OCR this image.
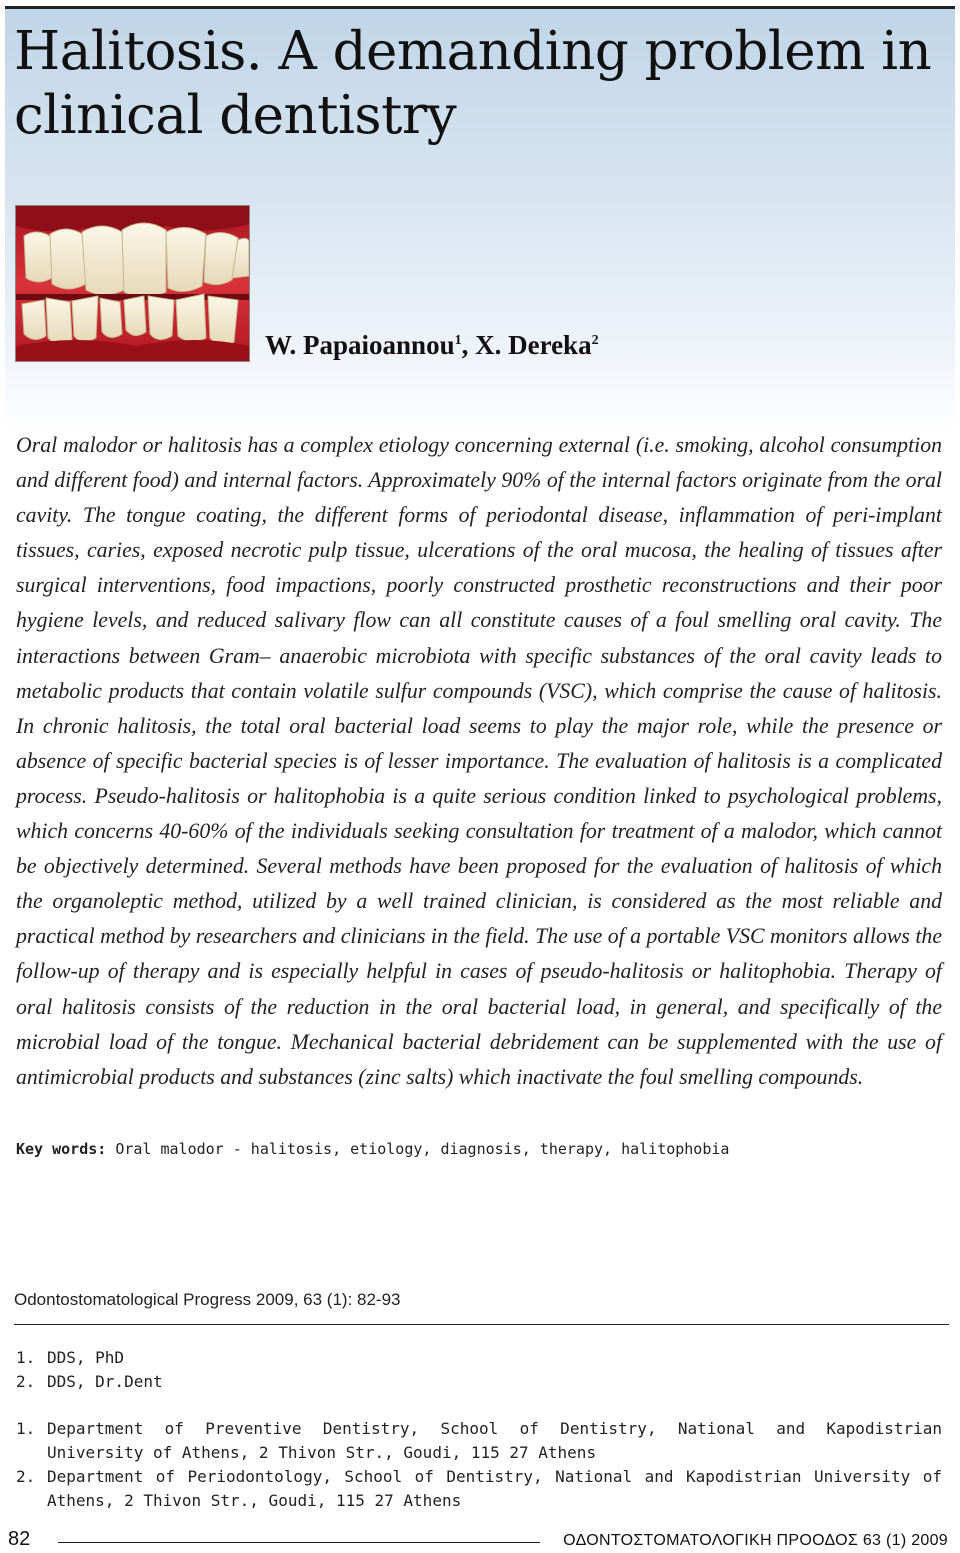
Halitosis. A demanding problem in clinical dentistry
W. Papaioannou$^1$, X. Dereka$^2$

Oral malodor or halitosis has a complex etiology concerning external (i.e. smoking, alcohol consumption and different food) and internal factors. Approximately 90% of the internal factors originate from the oral cavity. The tongue coating, the different forms of periodontal disease, inflammation of peri-implant tissues, caries, exposed necrotic pulp tissue, ulcerations of the oral mucosa, the healing of tissues after surgical interventions, food impactions, poorly constructed prosthetic reconstructions and their poor hygiene levels, and reduced salivary flow can all constitute causes of a foul smelling oral cavity. The interactions between Gram– anaerobic microbiota with specific substances of the oral cavity leads to metabolic products that contain volatile sulfur compounds (VSC), which comprise the cause of halitosis. In chronic halitosis, the total oral bacterial load seems to play the major role, while the presence or absence of specific bacterial species is of lesser importance. The evaluation of halitosis is a complicated process. Pseudo-halitosis or halitophobia is a quite serious condition linked to psychological problems, which concerns 40-60% of the individuals seeking consultation for treatment of a malodor, which cannot be objectively determined. Several methods have been proposed for the evaluation of halitosis of which the organoleptic method, utilized by a well trained clinician, is considered as the most reliable and practical method by researchers and clinicians in the field. The use of a portable VSC monitors allows the follow-up of therapy and is especially helpful in cases of pseudo-halitosis or halitophobia. Therapy of oral halitosis consists of the reduction in the oral bacterial load, in general, and specifically of the microbial load of the tongue. Mechanical bacterial debridement can be supplemented with the use of antimicrobial products and substances (zinc salts) which inactivate the foul smelling compounds.

Key words: Oral malodor - halitosis, etiology, diagnosis, therapy, halitophobia
Odontostomatological Progress 2009, 63 (1): 82-93
1. DDS, PhD
2. DDS, Dr.Dent
1. Department of Preventive Dentistry, School of Dentistry, National and Kapodistrian University of Athens, 2 Thivon Str., Goudi, 115 27 Athens
2. Department of Periodontology, School of Dentistry, National and Kapodistrian University of Athens, 2 Thivon Str., Goudi, 115 27 Athens
82	ΟΔΟΝΤΟΣΤΟΜΑΤΟΛΟΓΙΚΗ ΠΡΟΟΔΟΣ 63 (1) 2009
